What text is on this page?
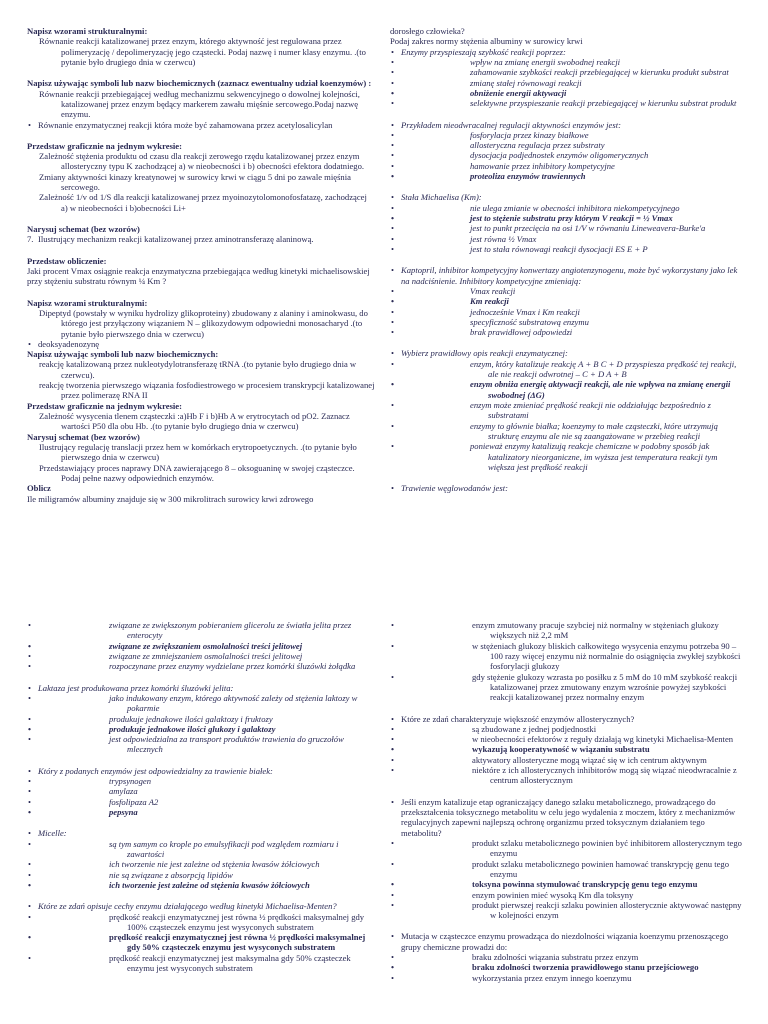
Napisz wzorami strukturalnymi:
• Równanie reakcji katalizowanej przez enzym, którego aktywność jest regulowana przez polimeryzację / depolimeryzację jego cząstecki. Podaj nazwę i numer klasy enzymu. .(to pytanie było drugiego dnia w czerwcu)
Napisz używając symboli lub nazw biochemicznych (zaznacz ewentualny udział koenzymów) :
• Równanie reakcji przebiegającej według mechanizmu sekwencyjnego o dowolnej kolejności, katalizowanej przez enzym będący markerem zawału mięśnie sercowego.Podaj nazwę enzymu.
• Równanie enzymatycznej reakcji która może być zahamowana przez acetylosalicylan
Przedstaw graficznie na jednym wykresie:
• Zależność stężenia produktu od czasu dla reakcji zerowego rzędu katalizowanej przez enzym allosteryczny typu K zachodzącej a) w nieobecności i b) obecności efektora dodatniego.
• Zmiany aktywności kinazy kreatynowej w surowicy krwi w ciągu 5 dni po zawale mięśnia sercowego.
• Zależność 1/v od 1/S dla reakcji katalizowanej przez myoinozytolomonofosfatazę, zachodzącej a) w nieobecności i b)obecności Li+
Narysuj schemat (bez wzorów)
7. Ilustrujący mechanizm reakcji katalizowanej przez aminotransferazę alaninową.
Przedstaw obliczenie:
Jaki procent Vmax osiągnie reakcja enzymatyczna przebiegająca według kinetyki michaelisowskiej przy stężeniu substratu równym ¼ Km ?
Napisz wzorami strukturalnymi:
• Dipeptyd (powstały w wyniku hydrolizy glikoproteiny) zbudowany z alaniny i aminokwasu, do którego jest przyłączony wiązaniem N – glikozydowym odpowiedni monosacharyd .(to pytanie było pierwszego dnia w czerwcu)
• deoksyadenozynę
Napisz używając symboli lub nazw biochemicznych:
• reakcję katalizowaną przez nukleotydylotransferazę tRNA .(to pytanie było drugiego dnia w czerwcu).
• reakcję tworzenia pierwszego wiązania fosfodiestrowego w procesiem transkrypcji katalizowanej przez polimerazę RNA II
Przedstaw graficznie na jednym wykresie:
• Zależność wysycenia tlenem cząsteczki :a)Hb F i b)Hb A w erytrocytach od pO2. Zaznacz wartości P50 dla obu Hb. .(to pytanie było drugiego dnia w czerwcu)
Narysuj schemat (bez wzorów)
• Ilustrujący regulację translacji przez hem w komórkach erytropoetycznych. .(to pytanie było pierwszego dnia w czerwcu)
• Przedstawiający proces naprawy DNA zawierającego 8 – oksoguaninę w swojej cząsteczce. Podaj pełne nazwy odpowiednich enzymów.
Oblicz
Ile miligramów albuminy znajduje się w 300 mikrolitrach surowicy krwi zdrowego
dorosłego człowieka?
Podaj zakres normy stężenia albuminy w surowicy krwi
• Enzymy przyspieszają szybkość reakcji poprzez:
• wpływ na zmianę energii swobodnej reakcji
• zahamowanie szybkości reakcji przebiegającej w kierunku produkt substrat
• zmianę stałej równowagi reakcji
• obniżenie energii aktywacji
• selektywne przyspieszanie reakcji przebiegającej w kierunku substrat produkt
• Przykładem nieodwracalnej regulacji aktywności enzymów jest:
• fosforylacja przez kinazy białkowe
• allosteryczna regulacja przez substraty
• dysocjacja podjednostek enzymów oligomerycznych
• hamowanie przez inhibitory kompetycyjne
• proteoliza enzymów trawiennych
• Stała Michaelisa (Km):
• nie ulega zmianie w obecności inhibitora niekompetycyjnego
• jest to stężenie substratu przy którym V reakcji = ½ Vmax
• jest to punkt przecięcia na osi 1/V w równaniu Lineweavera-Burke'a
• jest równa ½ Vmax
• jest to stała równowagi reakcji dysocjacji ES E + P
• Kaptopril, inhibitor kompetycyjny konwertazy angiotenzynogenu, może być wykorzystany jako lek na nadciśnienie. Inhibitory kompetycyjne zmieniają:
• Vmax reakcji
• Km reakcji
• jednocześnie Vmax i Km reakcji
• specyficzność substratową enzymu
• brak prawidłowej odpowiedzi
• Wybierz prawidłowy opis reakcji enzymatycznej:
• enzym, który katalizuje reakcję A + B C + D przyspiesza prędkość tej reakcji, ale nie reakcji odwrotnej – C + D A + B
• enzym obniża energię aktywacji reakcji, ale nie wpływa na zmianę energii swobodnej (ΔG)
• enzym może zmieniać prędkość reakcji nie oddziałując bezpośrednio z substratami
• enzymy to głównie białka; koenzymy to małe cząsteczki, które utrzymują strukturę enzymu ale nie są zaangażowane w przebieg reakcji
• ponieważ enzymy katalizują reakcje chemiczne w podobny sposób jak katalizatory nieorganiczne, im wyższa jest temperatura reakcji tym większa jest prędkość reakcji
• Trawienie węglowodanów jest:
• związane ze zwiększonym pobieraniem glicerolu ze światła jelita przez enterocyty
• związane ze zwiększaniem osmolalności treści jelitowej
• związane ze zmniejszaniem osmolalności treści jelitowej
• rozpoczynane przez enzymy wydzielane przez komórki śluzówki żołądka
• Laktaza jest produkowana przez komórki śluzówki jelita:
• jako indukowany enzym, którego aktywność zależy od stężenia laktozy w pokarmie
• produkuje jednakowe ilości galaktozy i fruktozy
• produkuje jednakowe ilości glukozy i galaktozy
• jest odpowiedzialna za transport produktów trawienia do gruczołów mlecznych
• Który z podanych enzymów jest odpowiedzialny za trawienie białek:
• trypsynogen
• amylaza
• fosfolipaza A2
• pepsyna
• Micelle:
• są tym samym co krople po emulsyfikacji pod względem rozmiaru i zawartości
• ich tworzenie nie jest zależne od stężenia kwasów żółciowych
• nie są związane z absorpcją lipidów
• ich tworzenie jest zależne od stężenia kwasów żółciowych
• Które ze zdań opisuje cechy enzymu działającego według kinetyki Michaelisa-Menten?
• prędkość reakcji enzymatycznej jest równa ½ prędkości maksymalnej gdy 100% cząsteczek enzymu jest wysyconych substratem
• prędkość reakcji enzymatycznej jest równa ½ prędkości maksymalnej gdy 50% cząsteczek enzymu jest wysyconych substratem
• prędkość reakcji enzymatycznej jest maksymalna gdy 50% cząsteczek enzymu jest wysyconych substratem
• enzym zmutowany pracuje szybciej niż normalny w stężeniach glukozy większych niż 2,2 mM
• w stężeniach glukozy bliskich całkowitego wysycenia enzymu potrzeba 90 – 100 razy więcej enzymu niż normalnie do osiągnięcia zwykłej szybkości fosforylacji glukozy
• gdy stężenie glukozy wzrasta po posiłku z 5 mM do 10 mM szybkość reakcji katalizowanej przez zmutowany enzym wzrośnie powyżej szybkości reakcji katalizowanej przez normalny enzym
• Które ze zdań charakteryzuje większość enzymów allosterycznych?
• są zbudowane z jednej podjednostki
• w nieobecności efektorów z reguły działają wg kinetyki Michaelisa-Menten
• wykazują kooperatywność w wiązaniu substratu
• aktywatory allosteryczne mogą wiązać się w ich centrum aktywnym
• niektóre z ich allosterycznych inhibitorów mogą się wiązać nieodwracalnie z centrum allosterycznym
• Jeśli enzym katalizuje etap ograniczający danego szlaku metabolicznego, prowadzącego do przekształcenia toksycznego metabolitu w celu jego wydalenia z moczem, który z mechanizmów regulacyjnych zapewni najlepszą ochronę organizmu przed toksycznym działaniem tego metabolitu?
• produkt szlaku metabolicznego powinien być inhibitorem allosterycznym tego enzymu
• produkt szlaku metabolicznego powinien hamować transkrypcję genu tego enzymu
• toksyna powinna stymulować transkrypcję genu tego enzymu
• enzym powinien mieć wysoką Km dla toksyny
• produkt pierwszej reakcji szlaku powinien allosterycznie aktywować następny w kolejności enzym
• Mutacja w cząsteczce enzymu prowadząca do niezdolności wiązania koenzymu przenoszącego grupy chemiczne prowadzi do:
• braku zdolności wiązania substratu przez enzym
• braku zdolności tworzenia prawidłowego stanu przejściowego
• wykorzystania przez enzym innego koenzymu
